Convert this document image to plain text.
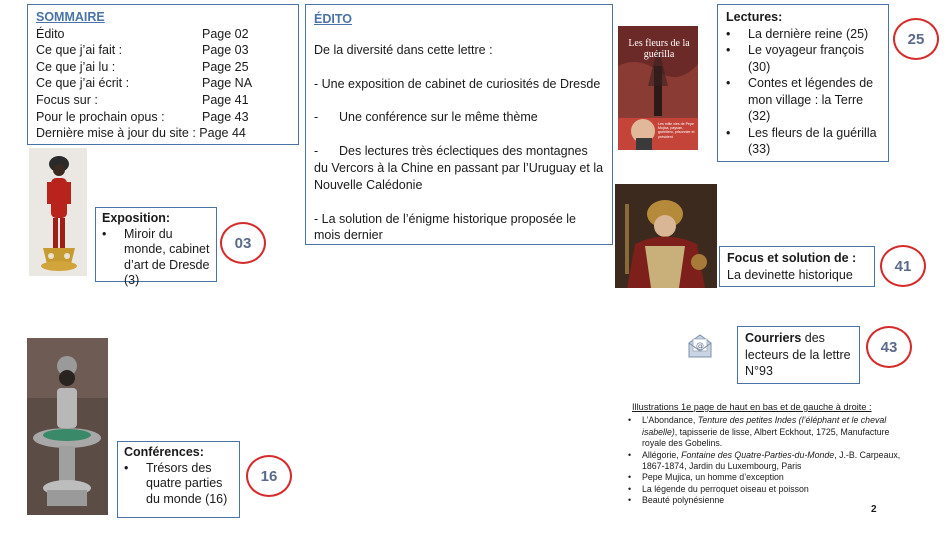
SOMMAIRE
Édito	Page 02
Ce que j’ai fait :	Page 03
Ce que j’ai lu :	Page 25
Ce que j’ai écrit :	Page NA
Focus sur :	Page 41
Pour le prochain opus :	Page 43
Dernière mise à jour du site :
Page 44
ÉDITO

De la diversité dans cette lettre :

- Une exposition de cabinet de curiosités de Dresde

-      Une conférence sur le même thème

-      Des lectures très éclectiques des montagnes du Vercors à la Chine en passant par l’Uruguay et la Nouvelle Calédonie

- La solution de l’énigme historique proposée le mois dernier

Les fleurs de la guérilla
Les mille vies de Pepe Mujica, paysan, guérillero, prisonnier et président
Lectures:
• La dernière reine (25)
• Le voyageur françois (30)
• Contes et légendes de mon village : la Terre (32)
• Les fleurs de la guérilla (33)
25
Exposition:
• Miroir du monde, cabinet d’art de Dresde (3)
03
Focus et solution de :
La devinette historique	41
@
Courriers des lecteurs de la lettre N°93
43
Conférences:
• Trésors des quatre parties du monde (16)
16
Illustrations 1e page de haut en bas et de gauche à droite :
• L’Abondance, Tenture des petites Indes (l’éléphant et le cheval isabelle), tapisserie de lisse, Albert Eckhout, 1725, Manufacture royale des Gobelins.
• Allégorie, Fontaine des Quatre-Parties-du-Monde, J.-B. Carpeaux, 1867-1874, Jardin du Luxembourg, Paris
• Pepe Mujica, un homme d’exception
• La légende du perroquet oiseau et poisson
• Beauté polynésienne
2
